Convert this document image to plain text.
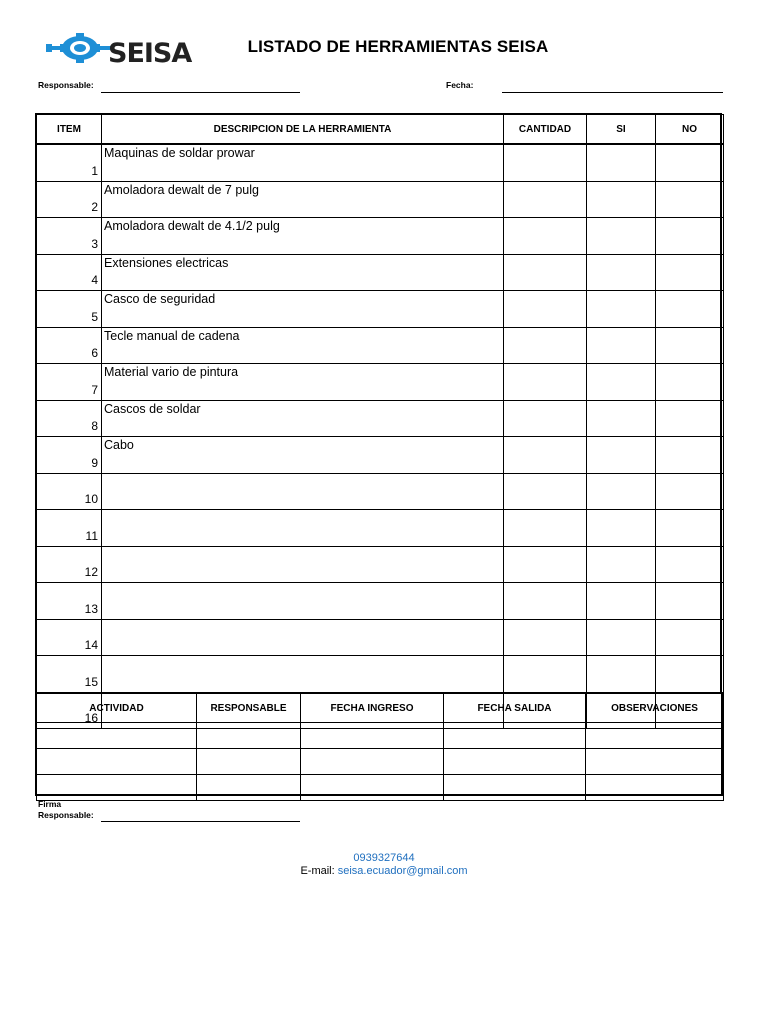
SEISA	LISTADO DE HERRAMIENTAS SEISA
Responsable:	Fecha:
ITEM	DESCRIPCION DE LA HERRAMIENTA	CANTIDAD	SI	NO
1	Maquinas de soldar prowar			
2	Amoladora dewalt de 7 pulg			
3	Amoladora dewalt de 4.1/2 pulg			
4	Extensiones electricas			
5	Casco de seguridad			
6	Tecle manual de cadena			
7	Material vario de pintura			
8	Cascos de soldar			
9	Cabo			
10				
11				
12				
13				
14				
15				
16				
ACTIVIDAD	RESPONSABLE	FECHA INGRESO	FECHA SALIDA	OBSERVACIONES

Firma
Responsable:
0939327644
E-mail: seisa.ecuador@gmail.com
